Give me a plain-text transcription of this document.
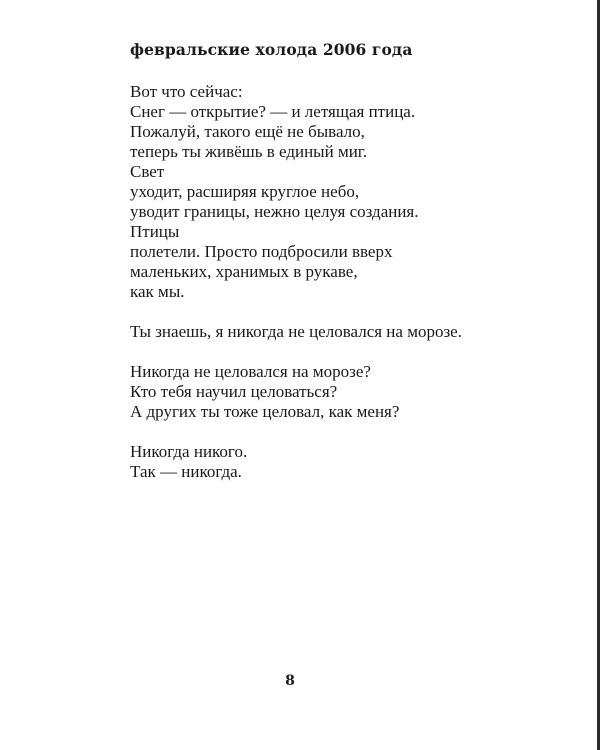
февральские холода 2006 года
Вот что сейчас:
Снег — открытие? — и летящая птица.
Пожалуй, такого ещё не бывало,
теперь ты живёшь в единый миг.
Свет
уходит, расширяя круглое небо,
уводит границы, нежно целуя создания.
Птицы
полетели. Просто подбросили вверх
маленьких, хранимых в рукаве,
как мы.
Ты знаешь, я никогда не целовался на морозе.
Никогда не целовался на морозе?
Кто тебя научил целоваться?
А других ты тоже целовал, как меня?
Никогда никого.
Так — никогда.
8
